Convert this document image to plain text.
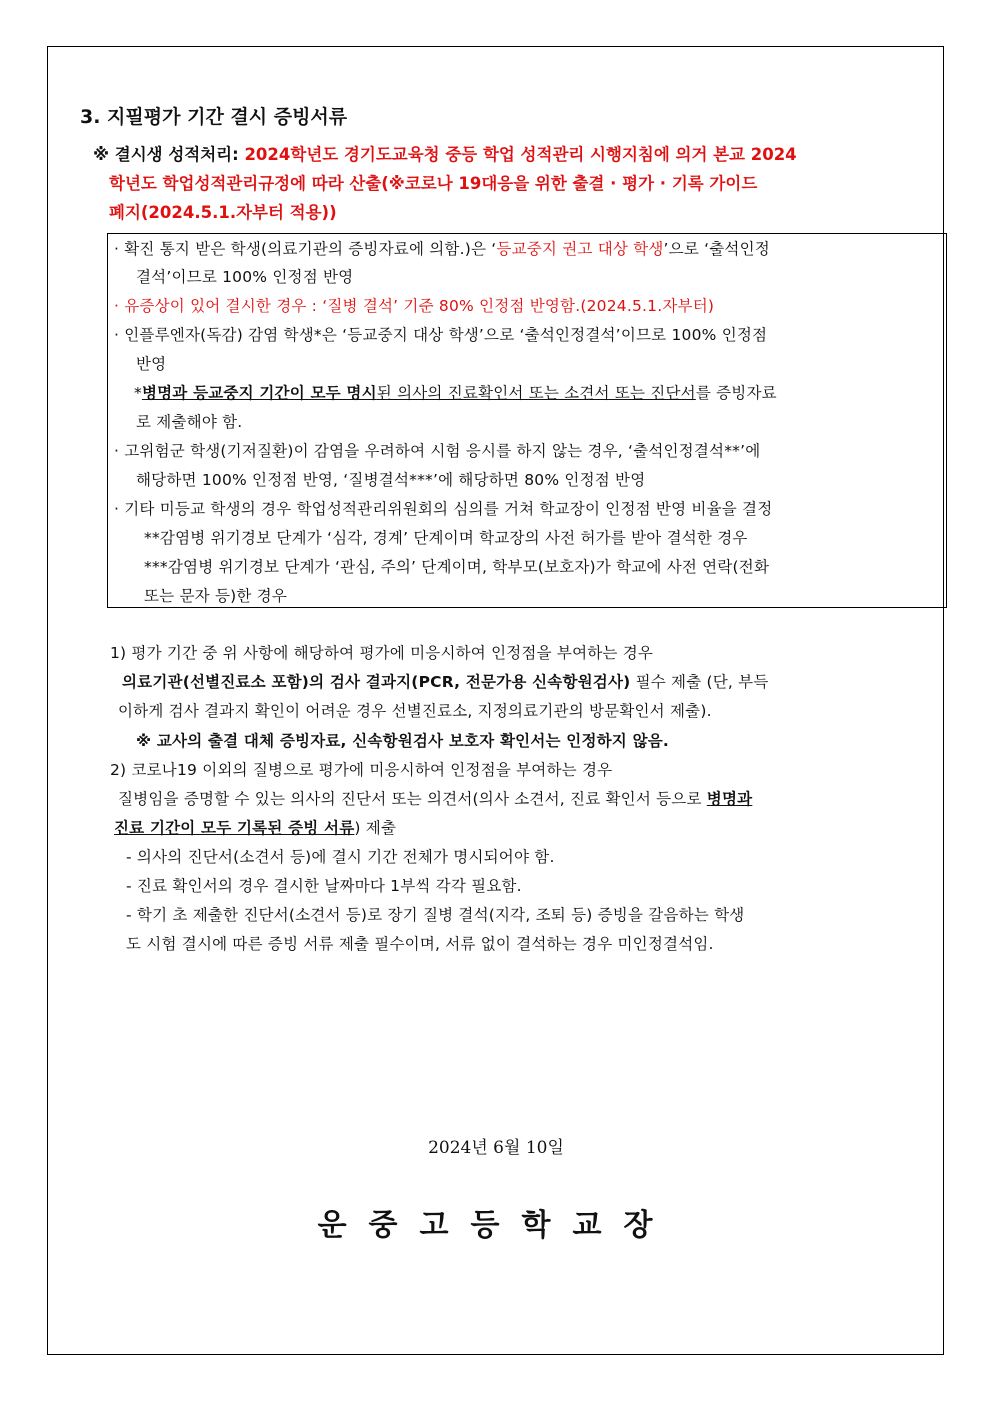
3. 지필평가 기간 결시 증빙서류
※ 결시생 성적처리: 2024학년도 경기도교육청 중등 학업 성적관리 시행지침에 의거 본교 2024
학년도 학업성적관리규정에 따라 산출(※코로나 19대응을 위한 출결 · 평가 · 기록 가이드
폐지(2024.5.1.자부터 적용))
· 확진 통지 받은 학생(의료기관의 증빙자료에 의함.)은 ‘등교중지 권고 대상 학생’으로 ‘출석인정
결석’이므로 100% 인정점 반영
· 유증상이 있어 결시한 경우 : ‘질병 결석’ 기준 80% 인정점 반영함.(2024.5.1.자부터)
· 인플루엔자(독감) 감염 학생*은 ‘등교중지 대상 학생’으로 ‘출석인정결석’이므로 100% 인정점
반영
*병명과 등교중지 기간이 모두 명시된 의사의 진료확인서 또는 소견서 또는 진단서를 증빙자료
로 제출해야 함.
· 고위험군 학생(기저질환)이 감염을 우려하여 시험 응시를 하지 않는 경우, ‘출석인정결석**’에
해당하면 100% 인정점 반영, ‘질병결석***’에 해당하면 80% 인정점 반영
· 기타 미등교 학생의 경우 학업성적관리위원회의 심의를 거쳐 학교장이 인정점 반영 비율을 결정
**감염병 위기경보 단계가 ‘심각, 경계’ 단계이며 학교장의 사전 허가를 받아 결석한 경우
***감염병 위기경보 단계가 ‘관심, 주의’ 단계이며, 학부모(보호자)가 학교에 사전 연락(전화
또는 문자 등)한 경우
1) 평가 기간 중 위 사항에 해당하여 평가에 미응시하여 인정점을 부여하는 경우
의료기관(선별진료소 포함)의 검사 결과지(PCR, 전문가용 신속항원검사) 필수 제출 (단, 부득
이하게 검사 결과지 확인이 어려운 경우 선별진료소, 지정의료기관의 방문확인서 제출).
※ 교사의 출결 대체 증빙자료, 신속항원검사 보호자 확인서는 인정하지 않음.
2) 코로나19 이외의 질병으로 평가에 미응시하여 인정점을 부여하는 경우
질병임을 증명할 수 있는 의사의 진단서 또는 의견서(의사 소견서, 진료 확인서 등으로 병명과
진료 기간이 모두 기록된 증빙 서류) 제출
- 의사의 진단서(소견서 등)에 결시 기간 전체가 명시되어야 함.
- 진료 확인서의 경우 결시한 날짜마다 1부씩 각각 필요함.
- 학기 초 제출한 진단서(소견서 등)로 장기 질병 결석(지각, 조퇴 등) 증빙을 갈음하는 학생
도 시험 결시에 따른 증빙 서류 제출 필수이며, 서류 없이 결석하는 경우 미인정결석임.
2024년 6월 10일
운중고등학교장
